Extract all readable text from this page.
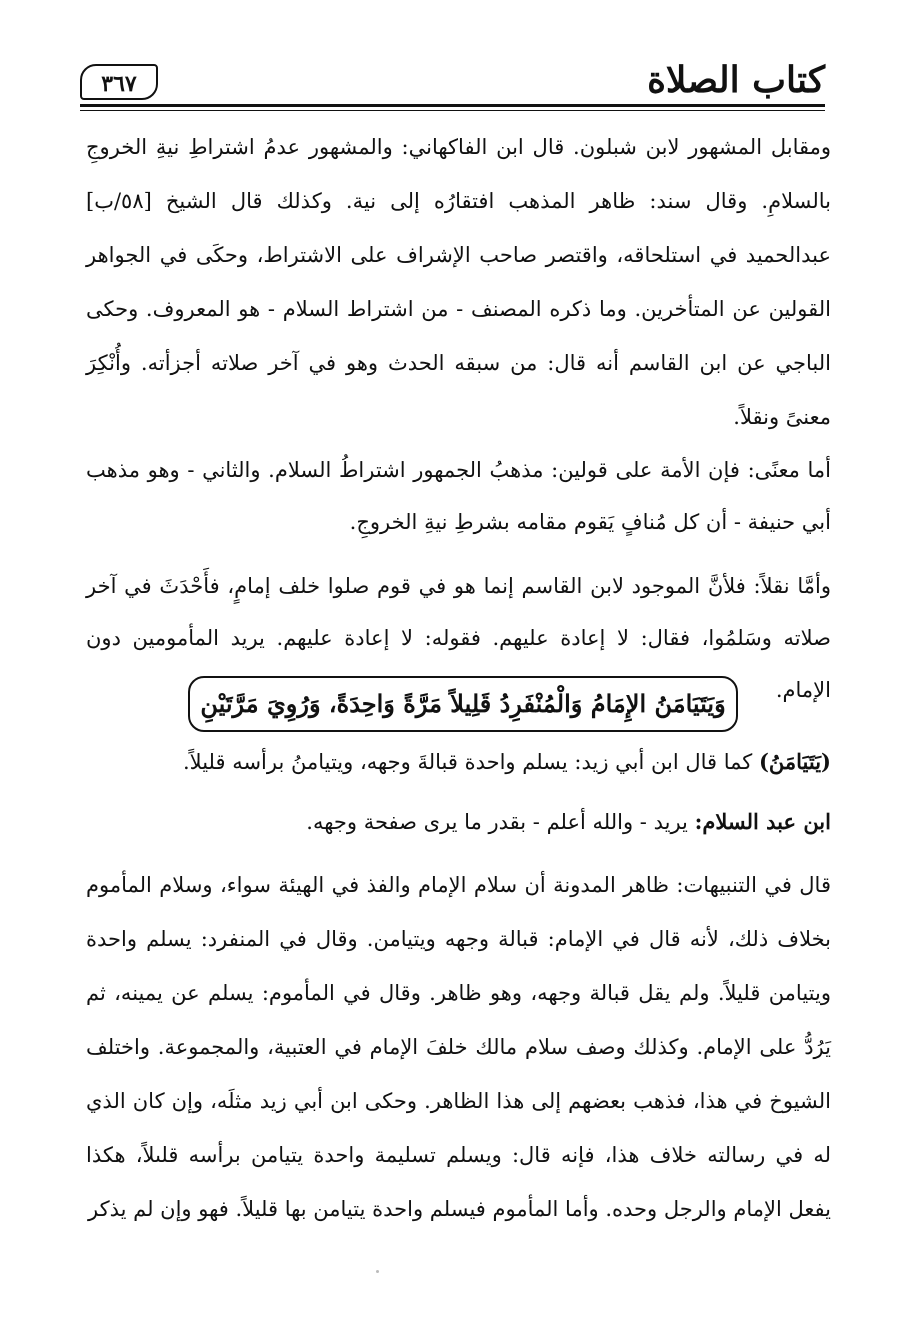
٣٦٧	كتاب الصلاة
ومقابل المشهور لابن شبلون. قال ابن الفاكهاني: والمشهور عدمُ اشتراطِ نيةِ الخروجِ بالسلامِ. وقال سند: ظاهر المذهب افتقارُه إلى نية. وكذلك قال الشيخ [٥٨/ب] عبدالحميد في استلحاقه، واقتصر صاحب الإشراف على الاشتراط، وحكَى في الجواهر القولين عن المتأخرين. وما ذكره المصنف - من اشتراط السلام - هو المعروف. وحكى الباجي عن ابن القاسم أنه قال: من سبقه الحدث وهو في آخر صلاته أجزأته. وأُنْكِرَ معنىً ونقلاً.
أما معنًى: فإن الأمة على قولين: مذهبُ الجمهور اشتراطُ السلام. والثاني - وهو مذهب أبي حنيفة - أن كل مُنافٍ يَقوم مقامه بشرطِ نيةِ الخروجِ.
وأمَّا نقلاً: فلأنَّ الموجود لابن القاسم إنما هو في قوم صلوا خلف إمامٍ، فأَحْدَثَ في آخر صلاته وسَلمُوا، فقال: لا إعادة عليهم. فقوله: لا إعادة عليهم. يريد المأمومين دون الإمام.
وَيَتَيَامَنُ الإِمَامُ وَالْمُنْفَرِدُ قَلِيلاً مَرَّةً وَاحِدَةً، وَرُوِيَ مَرَّتَيْنِ
(يَتَيَامَنُ) كما قال ابن أبي زيد: يسلم واحدة قبالةَ وجهه، ويتيامنُ برأسه قليلاً.
ابن عبد السلام: يريد - والله أعلم - بقدر ما يرى صفحة وجهه.
قال في التنبيهات: ظاهر المدونة أن سلام الإمام والفذ في الهيئة سواء، وسلام المأموم بخلاف ذلك، لأنه قال في الإمام: قبالة وجهه ويتيامن. وقال في المنفرد: يسلم واحدة ويتيامن قليلاً. ولم يقل قبالة وجهه، وهو ظاهر. وقال في المأموم: يسلم عن يمينه، ثم يَرُدُّ على الإمام. وكذلك وصف سلام مالك خلفَ الإمام في العتبية، والمجموعة. واختلف الشيوخ في هذا، فذهب بعضهم إلى هذا الظاهر. وحكى ابن أبي زيد مثلَه، وإن كان الذي له في رسالته خلاف هذا، فإنه قال: ويسلم تسليمة واحدة يتيامن برأسه قلىلاً، هكذا يفعل الإمام والرجل وحده. وأما المأموم فيسلم واحدة يتيامن بها قليلاً. فهو وإن لم يذكر
